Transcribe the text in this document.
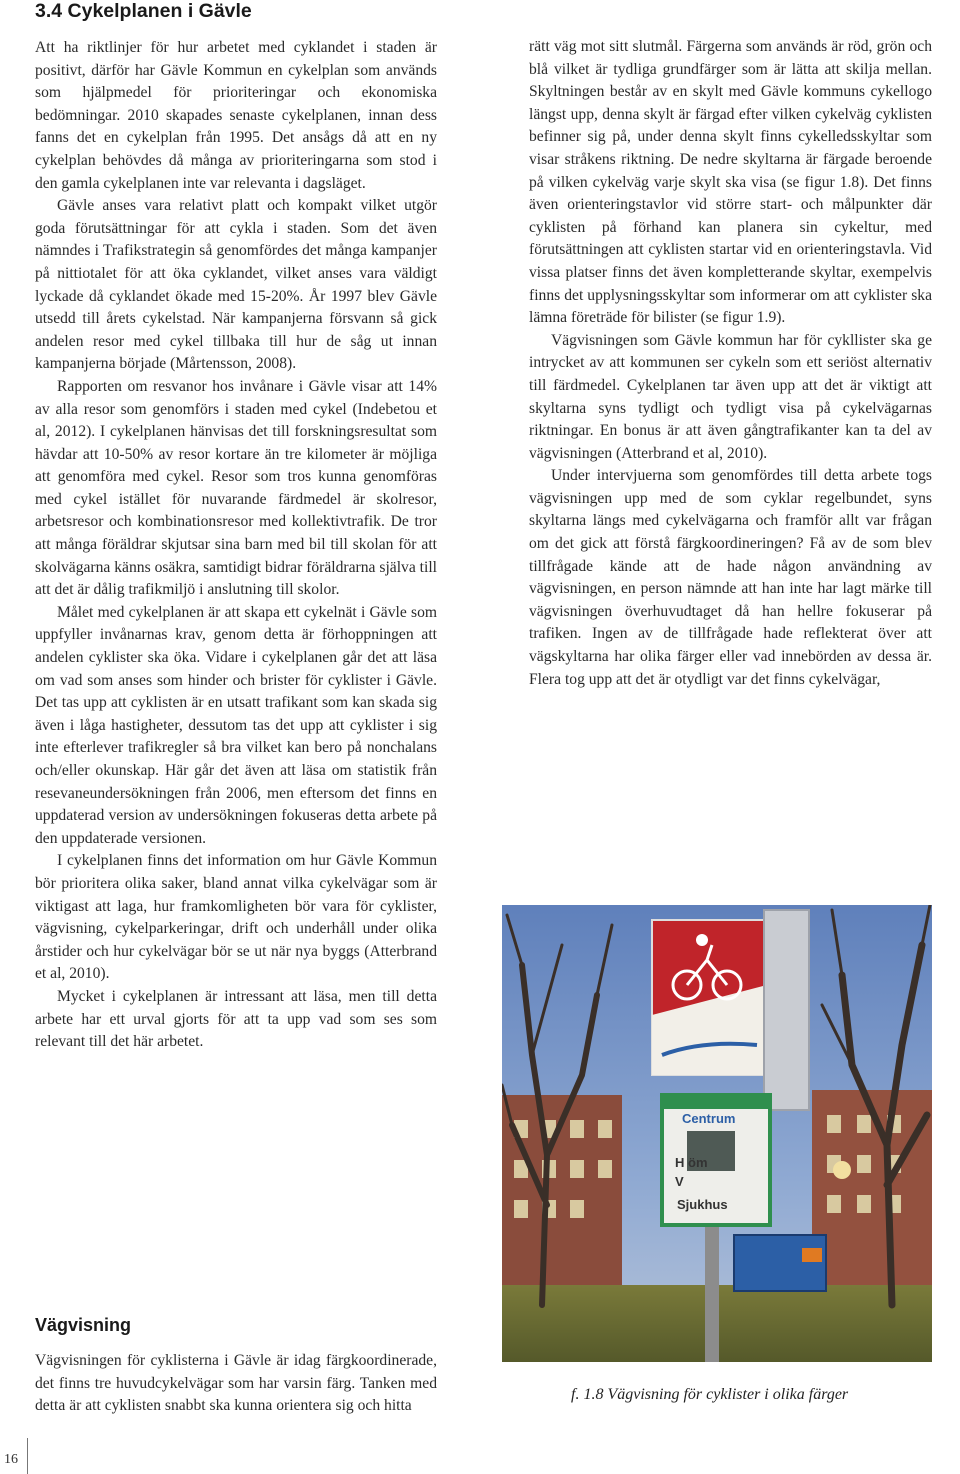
3.4 Cykelplanen i Gävle

Att ha riktlinjer för hur arbetet med cyklandet i staden är positivt, därför har Gävle Kommun en cykelplan som används som hjälpmedel för prioriteringar och ekonomiska bedömningar. 2010 skapades senaste cykelplanen, innan dess fanns det en cykelplan från 1995. Det ansågs då att en ny cykelplan behövdes då många av prioriteringarna som stod i den gamla cykelplanen inte var relevanta i dagsläget.

Gävle anses vara relativt platt och kompakt vilket utgör goda förutsättningar för att cykla i staden. Som det även nämndes i Trafikstrategin så genomfördes det många kampanjer på nittiotalet för att öka cyklandet, vilket anses vara väldigt lyckade då cyklandet ökade med 15-20%. År 1997 blev Gävle utsedd till årets cykelstad. När kampanjerna försvann så gick andelen resor med cykel tillbaka till hur de såg ut innan kampanjerna började (Mårtensson, 2008).

Rapporten om resvanor hos invånare i Gävle visar att 14% av alla resor som genomförs i staden med cykel (Indebetou et al, 2012). I cykelplanen hänvisas det till forskningsresultat som hävdar att 10-50% av resor kortare än tre kilometer är möjliga att genomföra med cykel. Resor som tros kunna genomföras med cykel istället för nuvarande färdmedel är skolresor, arbetsresor och kombinationsresor med kollektivtrafik. De tror att många föräldrar skjutsar sina barn med bil till skolan för att skolvägarna känns osäkra, samtidigt bidrar föräldrarna själva till att det är dålig trafikmiljö i anslutning till skolor.

Målet med cykelplanen är att skapa ett cykelnät i Gävle som uppfyller invånarnas krav, genom detta är förhoppningen att andelen cyklister ska öka. Vidare i cykelplanen går det att läsa om vad som anses som hinder och brister för cyklister i Gävle. Det tas upp att cyklisten är en utsatt trafikant som kan skada sig även i låga hastigheter, dessutom tas det upp att cyklister i sig inte efterlever trafikregler så bra vilket kan bero på nonchalans och/eller okunskap. Här går det även att läsa om statistik från resevaneundersökningen från 2006, men eftersom det finns en uppdaterad version av undersökningen fokuseras detta arbete på den uppdaterade versionen.

I cykelplanen finns det information om hur Gävle Kommun bör prioritera olika saker, bland annat vilka cykelvägar som är viktigast att laga, hur framkomligheten bör vara för cyklister, vägvisning, cykelparkeringar, drift och underhåll under olika årstider och hur cykelvägar bör se ut när nya byggs (Atterbrand et al, 2010).

Mycket i cykelplanen är intressant att läsa, men till detta arbete har ett urval gjorts för att ta upp vad som ses som relevant till det här arbetet.

Vägvisning

Vägvisningen för cyklisterna i Gävle är idag färgkoordinerade, det finns tre huvudcykelvägar som har varsin färg. Tanken med detta är att cyklisten snabbt ska kunna orientera sig och hitta

rätt väg mot sitt slutmål. Färgerna som används är röd, grön och blå vilket är tydliga grundfärger som är lätta att skilja mellan. Skyltningen består av en skylt med Gävle kommuns cykellogo längst upp, denna skylt är färgad efter vilken cykelväg cyklisten befinner sig på, under denna skylt finns cykelledsskyltar som visar stråkens riktning. De nedre skyltarna är färgade beroende på vilken cykelväg varje skylt ska visa (se figur 1.8). Det finns även orienteringstavlor vid större start- och målpunkter där cyklisten på förhand kan planera sin cykeltur, med förutsättningen att cyklisten startar vid en orienteringstavla. Vid vissa platser finns det även kompletterande skyltar, exempelvis finns det upplysningsskyltar som informerar om att cyklister ska lämna företräde för bilister (se figur 1.9).

Vägvisningen som Gävle kommun har för cykllister ska ge intrycket av att kommunen ser cykeln som ett seriöst alternativ till färdmedel. Cykelplanen tar även upp att det är viktigt att skyltarna syns tydligt och tydligt visa på cykelvägarnas riktningar. En bonus är att även gångtrafikanter kan ta del av vägvisningen (Atterbrand et al, 2010).

Under intervjuerna som genomfördes till detta arbete togs vägvisningen upp med de som cyklar regelbundet, syns skyltarna längs med cykelvägarna och framför allt var frågan om det gick att förstå färgkoordineringen? Få av de som blev tillfrågade kände att de hade någon användning av vägvisningen, en person nämnde att han inte har lagt märke till vägvisningen överhuvudtaget då han hellre fokuserar på trafiken. Ingen av de tillfrågade hade reflekterat över att vägskyltarna har olika färger eller vad innebörden av dessa är. Flera tog upp att det är otydligt var det finns cykelvägar,

Centrum
H öm
V
Sjukhus
f. 1.8 Vägvisning för cyklister i olika färger
16
